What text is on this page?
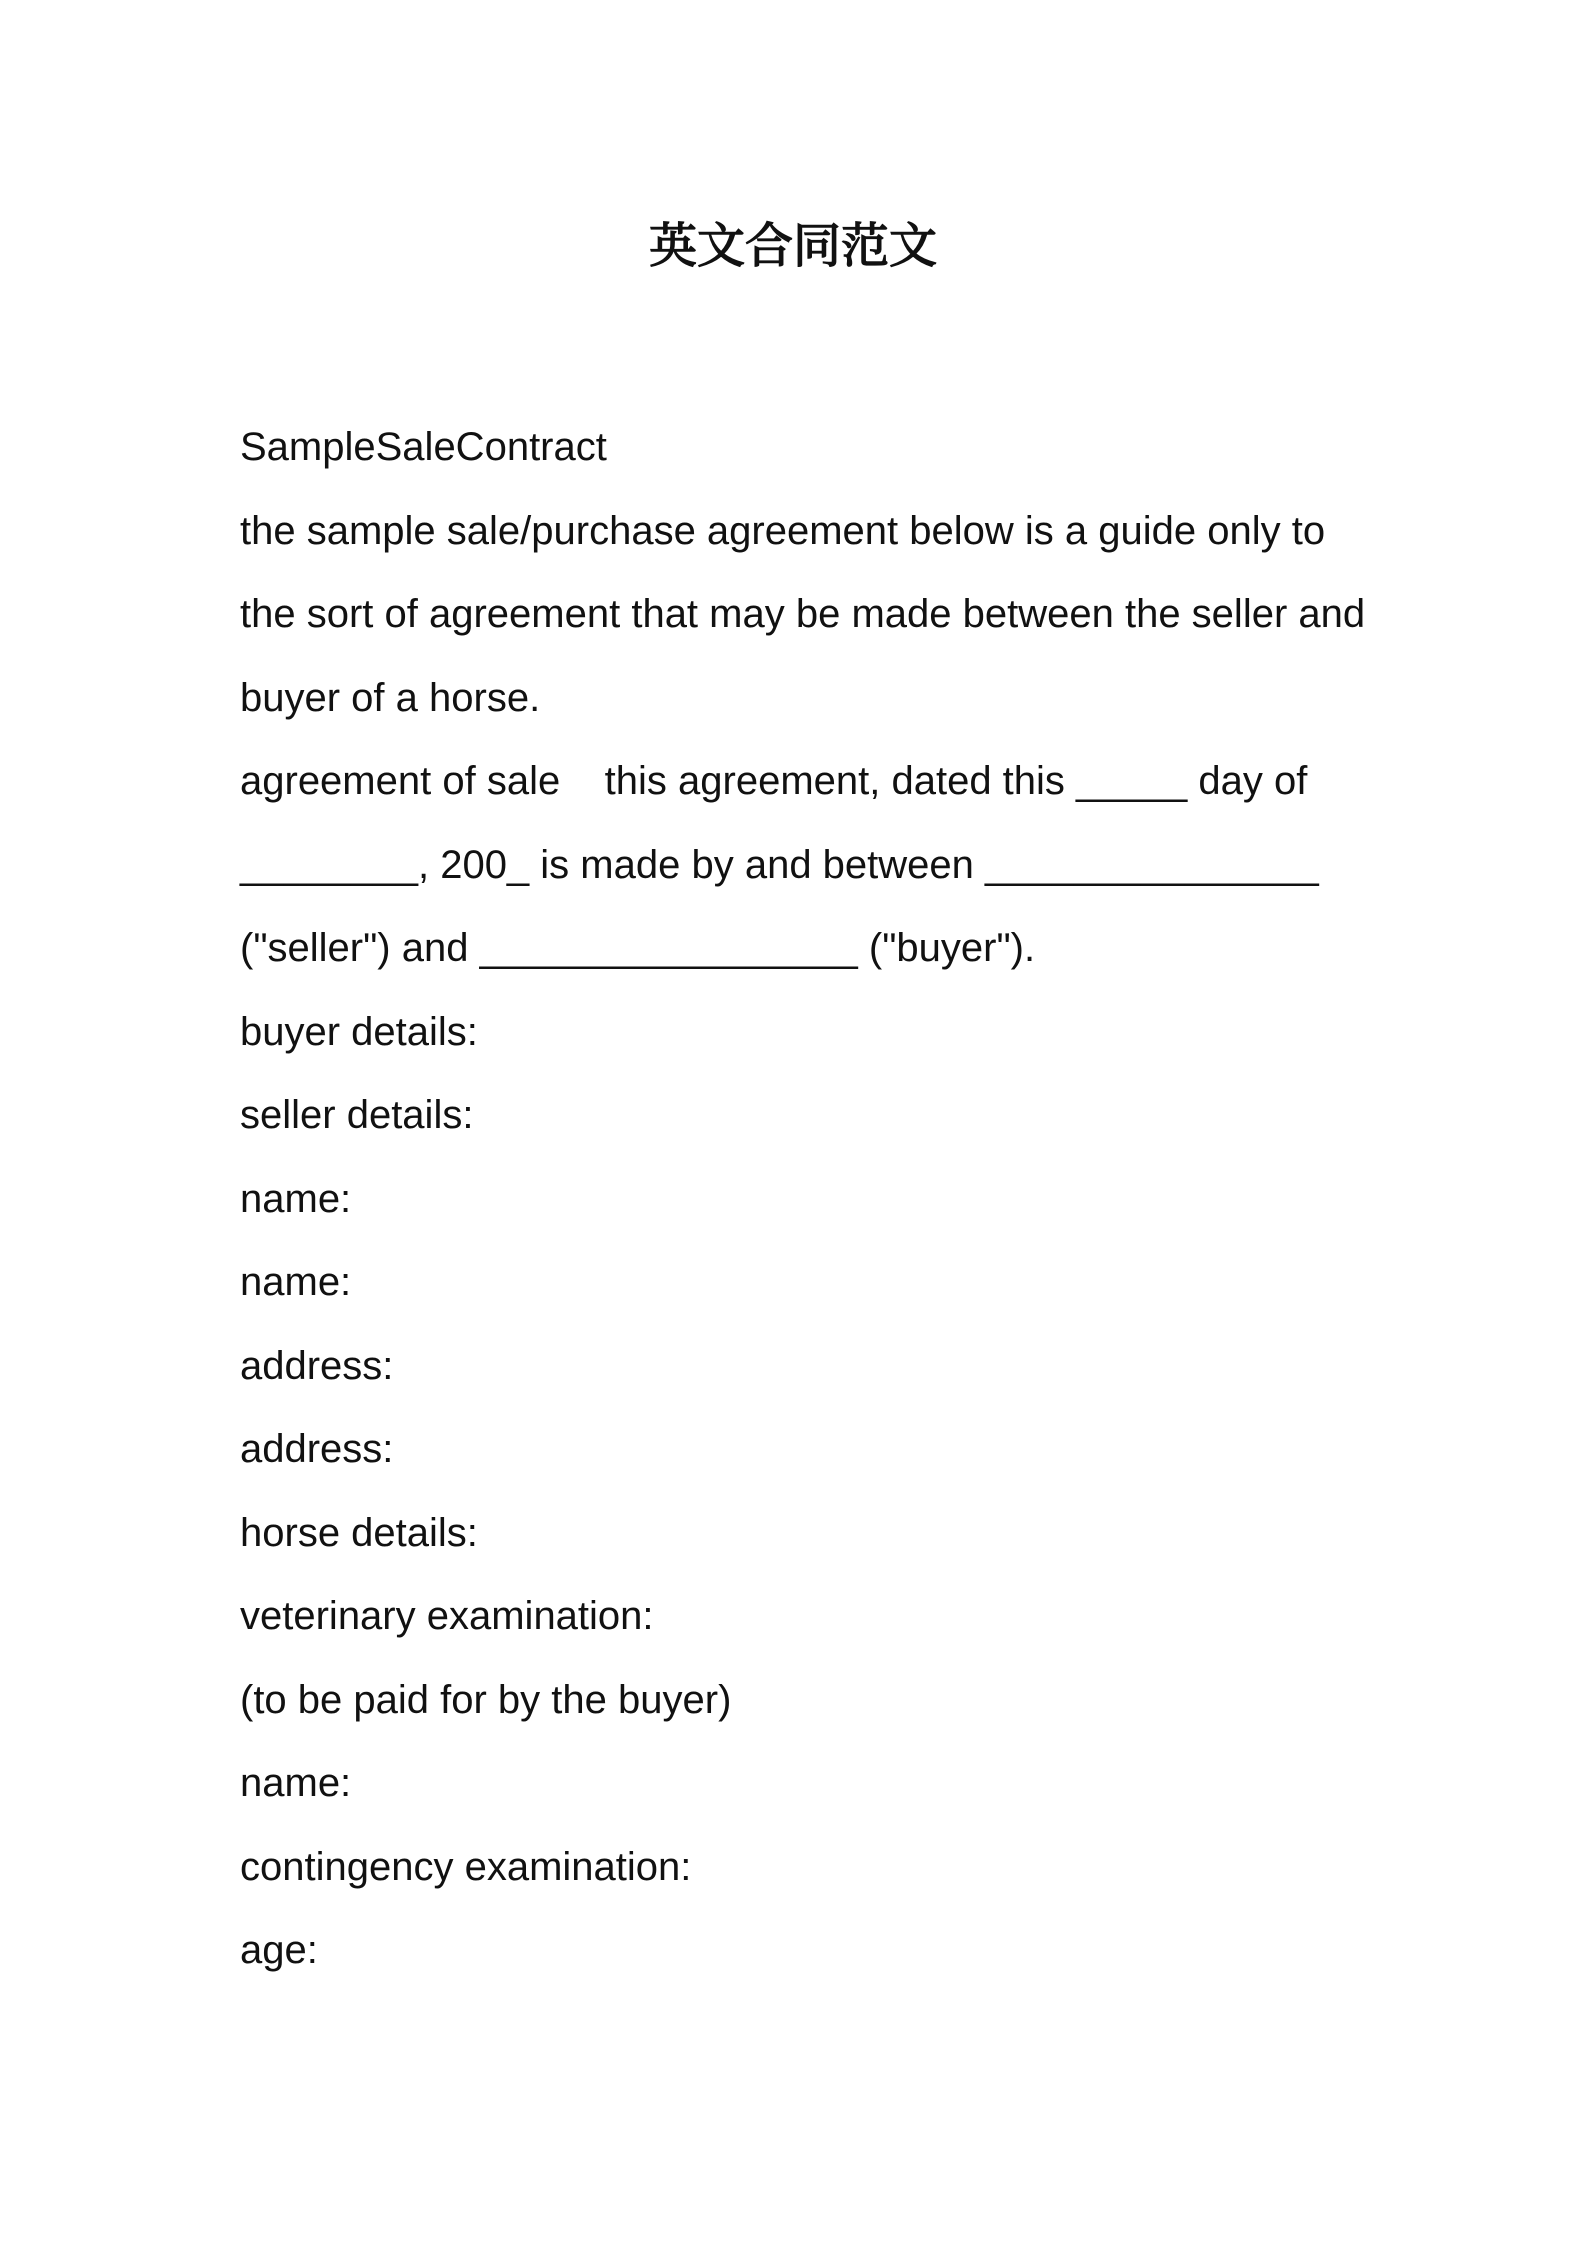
英文合同范文
SampleSaleContract
the sample sale/purchase agreement below is a guide only to
the sort of agreement that may be made between the seller and
buyer of a horse.
agreement of sale    this agreement, dated this _____ day of
________, 200_ is made by and between _______________
("seller") and _________________ ("buyer").
buyer details:
seller details:
name:
name:
address:
address:
horse details:
veterinary examination:
(to be paid for by the buyer)
name:
contingency examination:
age:
